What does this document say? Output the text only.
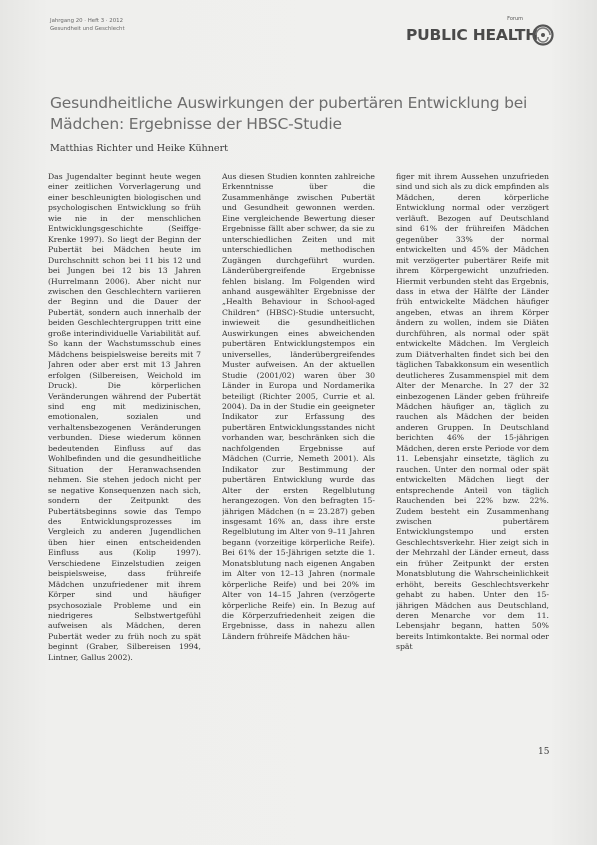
Jahrgang 20 · Heft 3 · 2012
Gesundheit und Geschlecht
Forum
PUBLIC HEALTH
Gesundheitliche Auswirkungen der pubertären Entwicklung bei Mädchen: Ergebnisse der HBSC-Studie
Matthias Richter und Heike Kühnert

Das Jugendalter beginnt heute wegen einer zeitlichen Vorverlagerung und einer beschleunigten biologischen und psychologischen Entwicklung so früh wie nie in der menschlichen Entwicklungsgeschichte (Seiffge-Krenke 1997). So liegt der Beginn der Pubertät bei Mädchen heute im Durchschnitt schon bei 11 bis 12 und bei Jungen bei 12 bis 13 Jahren (Hurrelmann 2006). Aber nicht nur zwischen den Geschlechtern variieren der Beginn und die Dauer der Pubertät, sondern auch innerhalb der beiden Geschlechtergruppen tritt eine große interindividuelle Variabilität auf. So kann der Wachstumsschub eines Mädchens beispielsweise bereits mit 7 Jahren oder aber erst mit 13 Jahren erfolgen (Silbereisen, Weichold im Druck). Die körperlichen Veränderungen während der Pubertät sind eng mit medizinischen, emotionalen, sozialen und verhaltensbezogenen Veränderungen verbunden. Diese wiederum können bedeutenden Einfluss auf das Wohlbefinden und die gesundheitliche Situation der Heranwachsenden nehmen. Sie stehen jedoch nicht per se negative Konsequenzen nach sich, sondern der Zeitpunkt des Pubertätsbeginns sowie das Tempo des Entwicklungsprozesses im Vergleich zu anderen Jugendlichen üben hier einen entscheidenden Einfluss aus (Kolip 1997). Verschiedene Einzelstudien zeigen beispielsweise, dass frühreife Mädchen unzufriedener mit ihrem Körper sind und häufiger psychosoziale Probleme und ein niedrigeres Selbstwertgefühl aufweisen als Mädchen, deren Pubertät weder zu früh noch zu spät beginnt (Graber, Silbereisen 1994, Lintner, Gallus 2002).

Aus diesen Studien konnten zahlreiche Erkenntnisse über die Zusammenhänge zwischen Pubertät und Gesundheit gewonnen werden. Eine vergleichende Bewertung dieser Ergebnisse fällt aber schwer, da sie zu unterschiedlichen Zeiten und mit unterschiedlichen methodischen Zugängen durchgeführt wurden. Länderübergreifende Ergebnisse fehlen bislang. Im Folgenden wird anhand ausgewählter Ergebnisse der „Health Behaviour in School-aged Children“ (HBSC)-Studie untersucht, inwieweit die gesundheitlichen Auswirkungen eines abweichenden pubertären Entwicklungstempos ein universelles, länderübergreifendes Muster aufweisen. An der aktuellen Studie (2001/02) waren über 30 Länder in Europa und Nordamerika beteiligt (Richter 2005, Currie et al. 2004). Da in der Studie ein geeigneter Indikator zur Erfassung des pubertären Entwicklungsstandes nicht vorhanden war, beschränken sich die nachfolgenden Ergebnisse auf Mädchen (Currie, Nemeth 2001). Als Indikator zur Bestimmung der pubertären Entwicklung wurde das Alter der ersten Regelblutung herangezogen. Von den befragten 15-jährigen Mädchen (n = 23.287) geben insgesamt 16% an, dass ihre erste Regelblutung im Alter von 9–11 Jahren begann (vorzeitige körperliche Reife). Bei 61% der 15-Jährigen setzte die 1. Monatsblutung nach eigenen Angaben im Alter von 12–13 Jahren (normale körperliche Reife) und bei 20% im Alter von 14–15 Jahren (verzögerte körperliche Reife) ein. In Bezug auf die Körperzufriedenheit zeigen die Ergebnisse, dass in nahezu allen Ländern frühreife Mädchen häu-

figer mit ihrem Aussehen unzufrieden sind und sich als zu dick empfinden als Mädchen, deren körperliche Entwicklung normal oder verzögert verläuft. Bezogen auf Deutschland sind 61% der frühreifen Mädchen gegenüber 33% der normal entwickelten und 45% der Mädchen mit verzögerter pubertärer Reife mit ihrem Körpergewicht unzufrieden. Hiermit verbunden steht das Ergebnis, dass in etwa der Hälfte der Länder früh entwickelte Mädchen häufiger angeben, etwas an ihrem Körper ändern zu wollen, indem sie Diäten durchführen, als normal oder spät entwickelte Mädchen. Im Vergleich zum Diätverhalten findet sich bei den täglichen Tabakkonsum ein wesentlich deutlicheres Zusammenspiel mit dem Alter der Menarche. In 27 der 32 einbezogenen Länder geben frühreife Mädchen häufiger an, täglich zu rauchen als Mädchen der beiden anderen Gruppen. In Deutschland berichten 46% der 15-jährigen Mädchen, deren erste Periode vor dem 11. Lebensjahr einsetzte, täglich zu rauchen. Unter den normal oder spät entwickelten Mädchen liegt der entsprechende Anteil von täglich Rauchenden bei 22% bzw. 22%. Zudem besteht ein Zusammenhang zwischen pubertärem Entwicklungstempo und ersten Geschlechtsverkehr. Hier zeigt sich in der Mehrzahl der Länder erneut, dass ein früher Zeitpunkt der ersten Monatsblutung die Wahrscheinlichkeit erhöht, bereits Geschlechtsverkehr gehabt zu haben. Unter den 15-jährigen Mädchen aus Deutschland, deren Menarche vor dem 11. Lebensjahr begann, hatten 50% bereits Intimkontakte. Bei normal oder spät

15
